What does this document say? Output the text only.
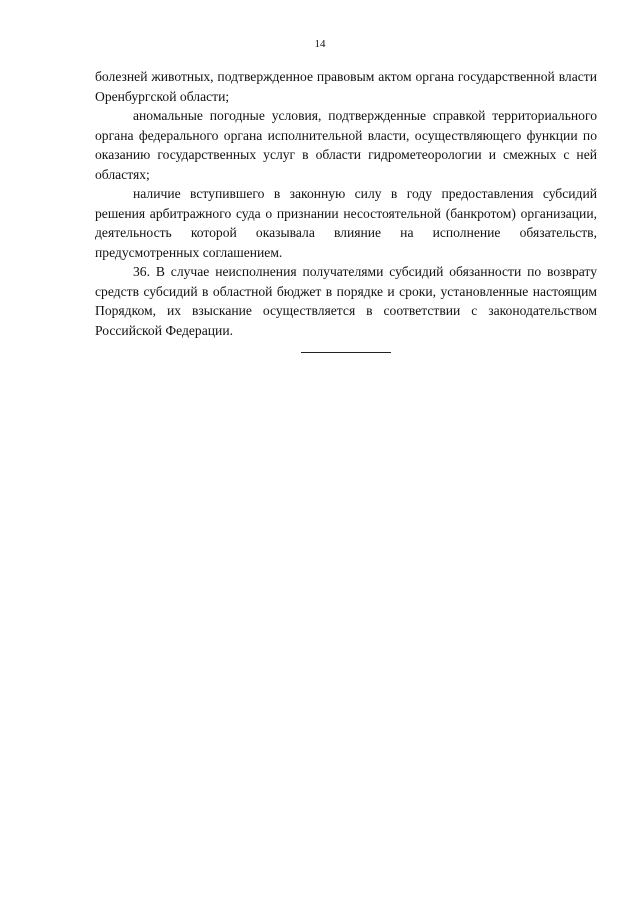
14

болезней животных, подтвержденное правовым актом органа государственной власти Оренбургской области;

аномальные погодные условия, подтвержденные справкой территориального органа федерального органа исполнительной власти, осуществляющего функции по оказанию государственных услуг в области гидрометеорологии и смежных с ней областях;

наличие вступившего в законную силу в году предоставления субсидий решения арбитражного суда о признании несостоятельной (банкротом) организации, деятельность которой оказывала влияние на исполнение обязательств, предусмотренных соглашением.

36. В случае неисполнения получателями субсидий обязанности по возврату средств субсидий в областной бюджет в порядке и сроки, установленные настоящим Порядком, их взыскание осуществляется в соответствии с законодательством Российской Федерации.
